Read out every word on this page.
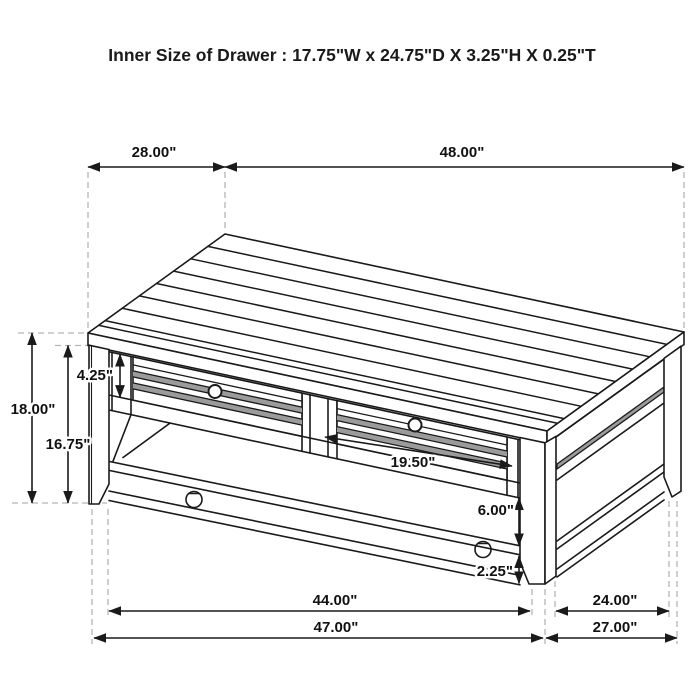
Inner Size of Drawer : 17.75"W x 24.75"D X 3.25"H X 0.25"T
28.00"	48.00"
18.00"
16.75"
4.25"
19.50"
6.00"
2.25"
44.00"	24.00"
47.00"	27.00"
